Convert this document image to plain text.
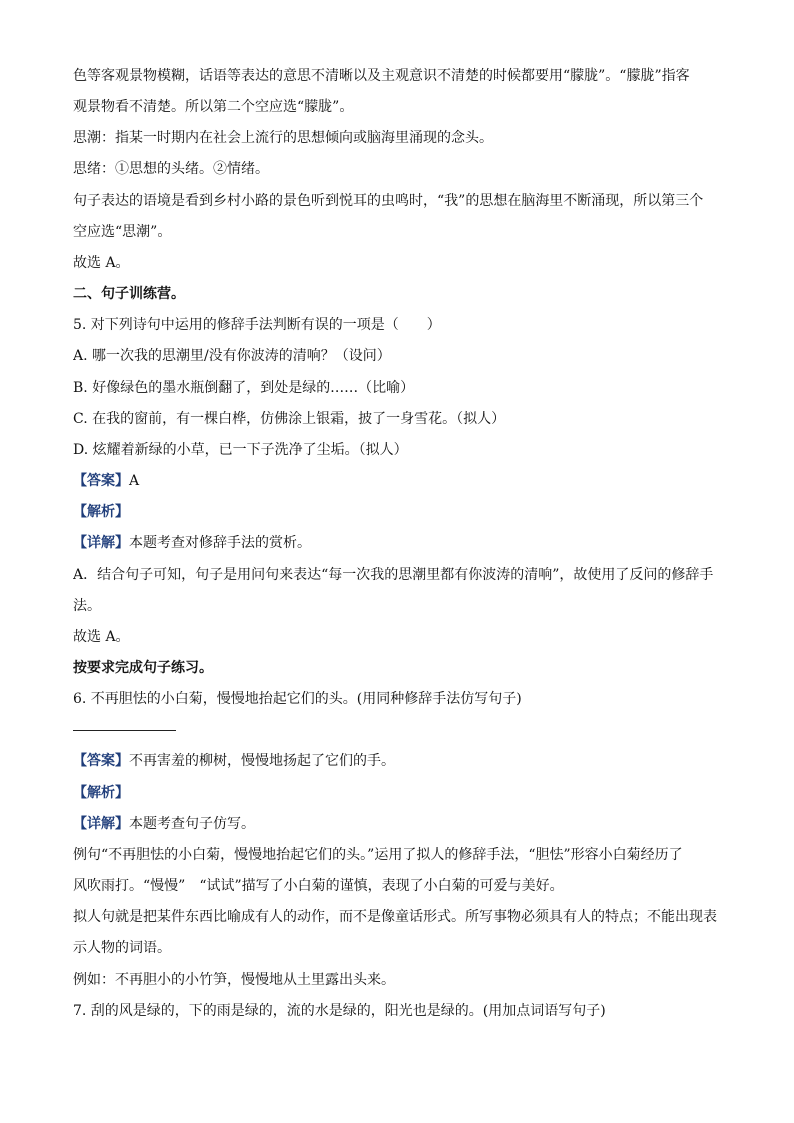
色等客观景物模糊，话语等表达的意思不清晰以及主观意识不清楚的时候都要用“朦胧”。“朦胧”指客
观景物看不清楚。所以第二个空应选“朦胧”。
思潮：指某一时期内在社会上流行的思想倾向或脑海里涌现的念头。
思绪：①思想的头绪。②情绪。
句子表达的语境是看到乡村小路的景色听到悦耳的虫鸣时，“我”的思想在脑海里不断涌现，所以第三个
空应选“思潮”。
故选 A。
二、句子训练营。
5. 对下列诗句中运用的修辞手法判断有误的一项是（　　）
A. 哪一次我的思潮里/没有你波涛的清响？（设问）
B. 好像绿色的墨水瓶倒翻了，到处是绿的……（比喻）
C. 在我的窗前，有一棵白桦，仿佛涂上银霜，披了一身雪花。（拟人）
D. 炫耀着新绿的小草，已一下子洗净了尘垢。（拟人）
【答案】A
【解析】
【详解】本题考查对修辞手法的赏析。
A．结合句子可知，句子是用问句来表达“每一次我的思潮里都有你波涛的清响”，故使用了反问的修辞手
法。
故选 A。
按要求完成句子练习。
6. 不再胆怯的小白菊，慢慢地抬起它们的头。(用同种修辞手法仿写句子)
【答案】不再害羞的柳树，慢慢地扬起了它们的手。
【解析】
【详解】本题考查句子仿写。
例句“不再胆怯的小白菊，慢慢地抬起它们的头。”运用了拟人的修辞手法，“胆怯”形容小白菊经历了
风吹雨打。“慢慢”　“试试”描写了小白菊的谨慎，表现了小白菊的可爱与美好。
拟人句就是把某件东西比喻成有人的动作，而不是像童话形式。所写事物必须具有人的特点；不能出现表
示人物的词语。
例如：不再胆小的小竹笋，慢慢地从土里露出头来。
7. 刮的风是绿的，下的雨是绿的，流的水是绿的，阳光也是绿的。(用加点词语写句子)
